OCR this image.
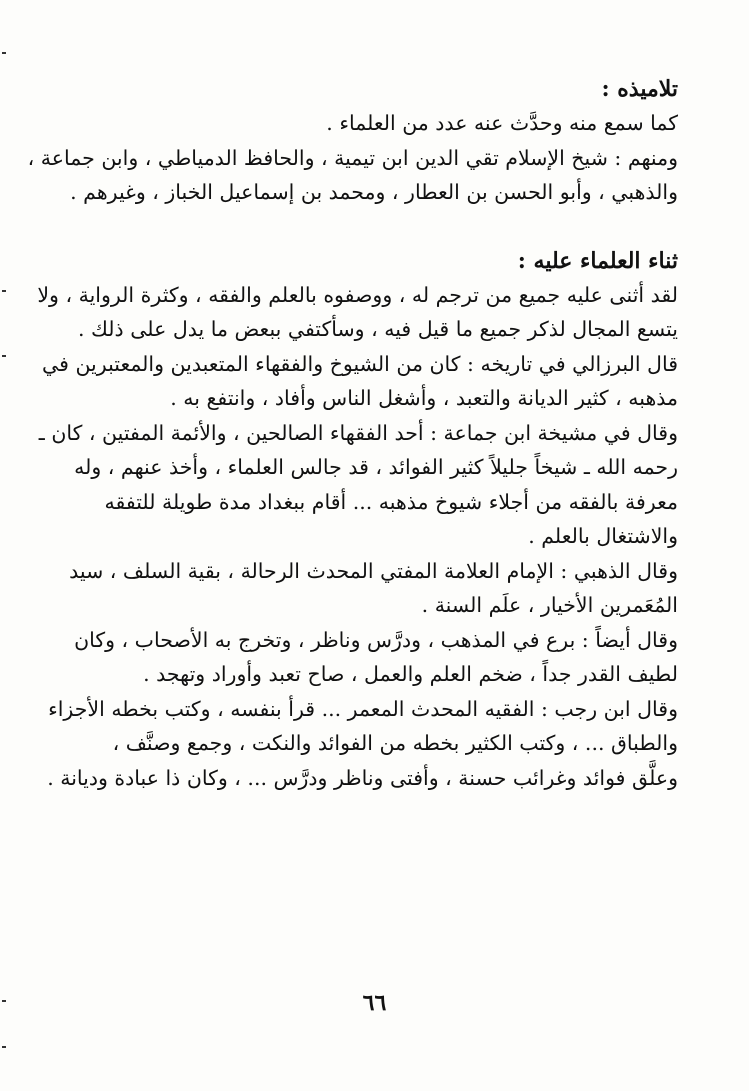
تلاميذه :

كما سمع منه وحدَّث عنه عدد من العلماء .

ومنهم : شيخ الإسلام تقي الدين ابن تيمية ، والحافظ الدمياطي ، وابن جماعة ،

والذهبي ، وأبو الحسن بن العطار ، ومحمد بن إسماعيل الخباز ، وغيرهم .

ثناء العلماء عليه :

لقد أثنى عليه جميع من ترجم له ، ووصفوه بالعلم والفقه ، وكثرة الرواية ، ولا

يتسع المجال لذكر جميع ما قيل فيه ، وسأكتفي ببعض ما يدل على ذلك .

قال البرزالي في تاريخه : كان من الشيوخ والفقهاء المتعبدين والمعتبرين في

مذهبه ، كثير الديانة والتعبد ، وأشغل الناس وأفاد ، وانتفع به .

وقال في مشيخة ابن جماعة : أحد الفقهاء الصالحين ، والأئمة المفتين ، كان ـ

رحمه الله ـ شيخاً جليلاً كثير الفوائد ، قد جالس العلماء ، وأخذ عنهم ، وله

معرفة بالفقه من أجلاء شيوخ مذهبه ... أقام ببغداد مدة طويلة للتفقه

والاشتغال بالعلم .

وقال الذهبي : الإمام العلامة المفتي المحدث الرحالة ، بقية السلف ، سيد

المُعَمرين الأخيار ، علَم السنة .

وقال أيضاً : برع في المذهب ، ودرَّس وناظر ، وتخرج به الأصحاب ، وكان

لطيف القدر جداً ، ضخم العلم والعمل ، صاح تعبد وأوراد وتهجد .

وقال ابن رجب : الفقيه المحدث المعمر ... قرأ بنفسه ، وكتب بخطه الأجزاء

والطباق ... ، وكتب الكثير بخطه من الفوائد والنكت ، وجمع وصنَّف ،

وعلَّق فوائد وغرائب حسنة ، وأفتى وناظر ودرَّس ... ، وكان ذا عبادة وديانة .

٦٦
